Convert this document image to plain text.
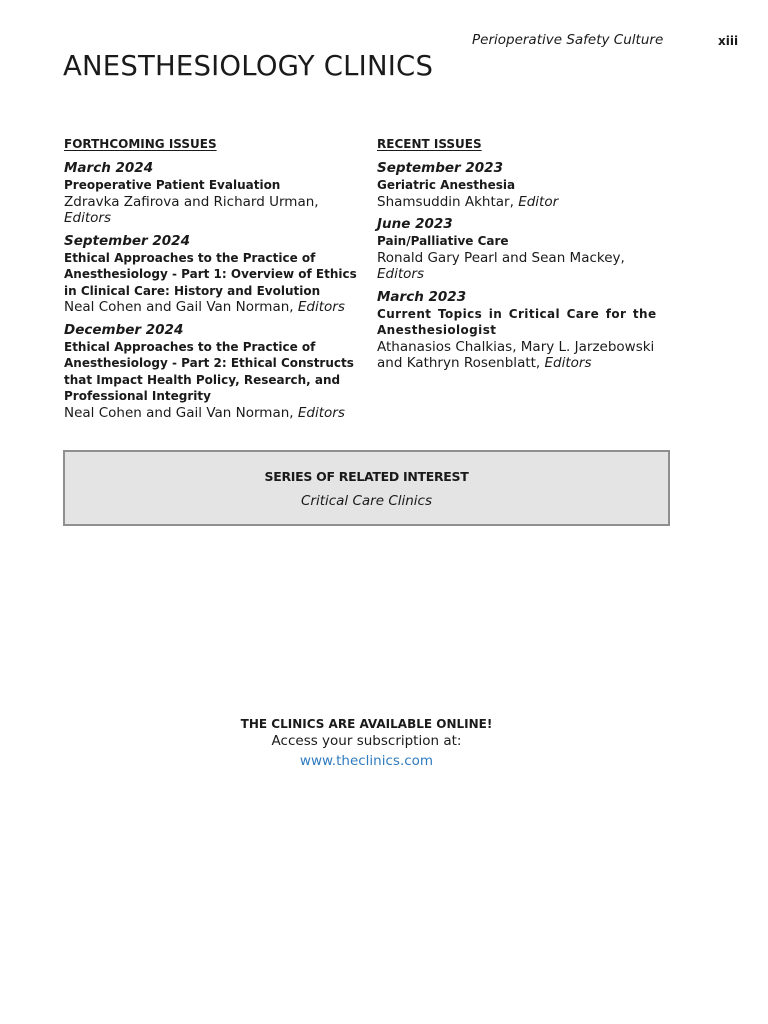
Perioperative Safety Culture	xiii
ANESTHESIOLOGY CLINICS
FORTHCOMING ISSUES
March 2024
Preoperative Patient Evaluation
Zdravka Zafirova and Richard Urman,
Editors
September 2024
Ethical Approaches to the Practice of Anesthesiology - Part 1: Overview of Ethics in Clinical Care: History and Evolution
Neal Cohen and Gail Van Norman, Editors
December 2024
Ethical Approaches to the Practice of Anesthesiology - Part 2: Ethical Constructs that Impact Health Policy, Research, and Professional Integrity
Neal Cohen and Gail Van Norman, Editors
RECENT ISSUES
September 2023
Geriatric Anesthesia
Shamsuddin Akhtar, Editor
June 2023
Pain/Palliative Care
Ronald Gary Pearl and Sean Mackey,
Editors
March 2023
Current Topics in Critical Care for the Anesthesiologist
Athanasios Chalkias, Mary L. Jarzebowski and Kathryn Rosenblatt, Editors
SERIES OF RELATED INTEREST
Critical Care Clinics
THE CLINICS ARE AVAILABLE ONLINE!
Access your subscription at:
www.theclinics.com
